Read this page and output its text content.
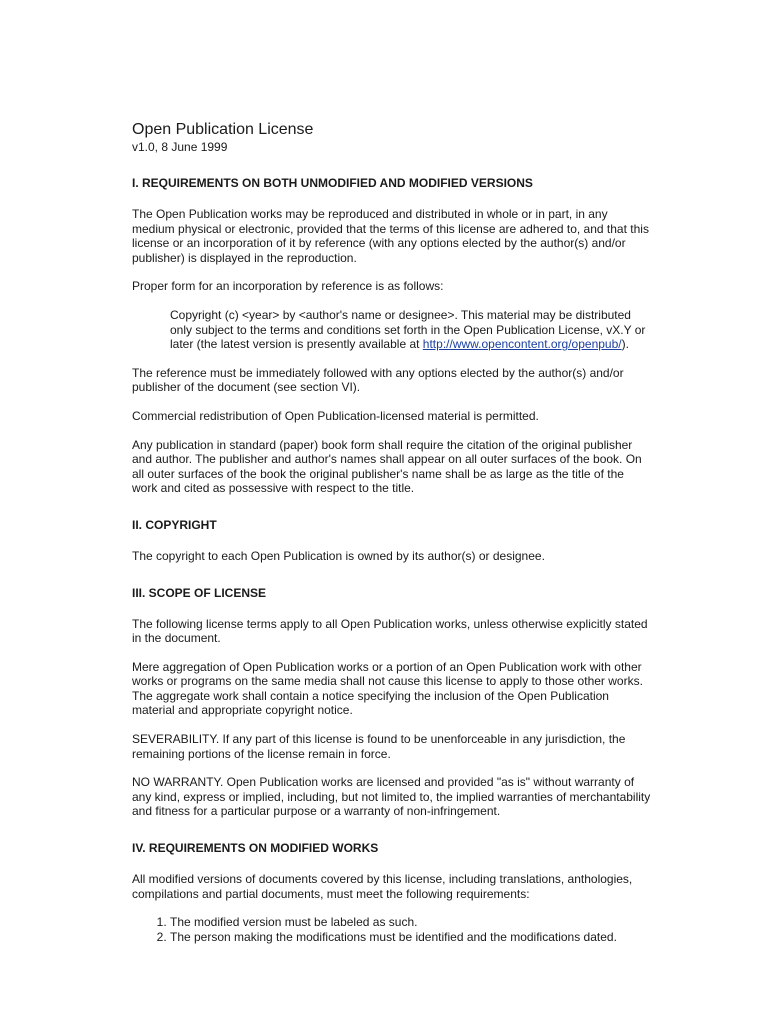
Open Publication License

v1.0, 8 June 1999

I. REQUIREMENTS ON BOTH UNMODIFIED AND MODIFIED VERSIONS

The Open Publication works may be reproduced and distributed in whole or in part, in any medium physical or electronic, provided that the terms of this license are adhered to, and that this license or an incorporation of it by reference (with any options elected by the author(s) and/or publisher) is displayed in the reproduction.

Proper form for an incorporation by reference is as follows:

Copyright (c) <year> by <author's name or designee>. This material may be distributed only subject to the terms and conditions set forth in the Open Publication License, vX.Y or later (the latest version is presently available at http://www.opencontent.org/openpub/).

The reference must be immediately followed with any options elected by the author(s) and/or publisher of the document (see section VI).

Commercial redistribution of Open Publication-licensed material is permitted.

Any publication in standard (paper) book form shall require the citation of the original publisher and author. The publisher and author's names shall appear on all outer surfaces of the book. On all outer surfaces of the book the original publisher's name shall be as large as the title of the work and cited as possessive with respect to the title.

II. COPYRIGHT

The copyright to each Open Publication is owned by its author(s) or designee.

III. SCOPE OF LICENSE

The following license terms apply to all Open Publication works, unless otherwise explicitly stated in the document.

Mere aggregation of Open Publication works or a portion of an Open Publication work with other works or programs on the same media shall not cause this license to apply to those other works. The aggregate work shall contain a notice specifying the inclusion of the Open Publication material and appropriate copyright notice.

SEVERABILITY. If any part of this license is found to be unenforceable in any jurisdiction, the remaining portions of the license remain in force.

NO WARRANTY. Open Publication works are licensed and provided "as is" without warranty of any kind, express or implied, including, but not limited to, the implied warranties of merchantability and fitness for a particular purpose or a warranty of non-infringement.

IV. REQUIREMENTS ON MODIFIED WORKS

All modified versions of documents covered by this license, including translations, anthologies, compilations and partial documents, must meet the following requirements:

1. The modified version must be labeled as such.
2. The person making the modifications must be identified and the modifications dated.
